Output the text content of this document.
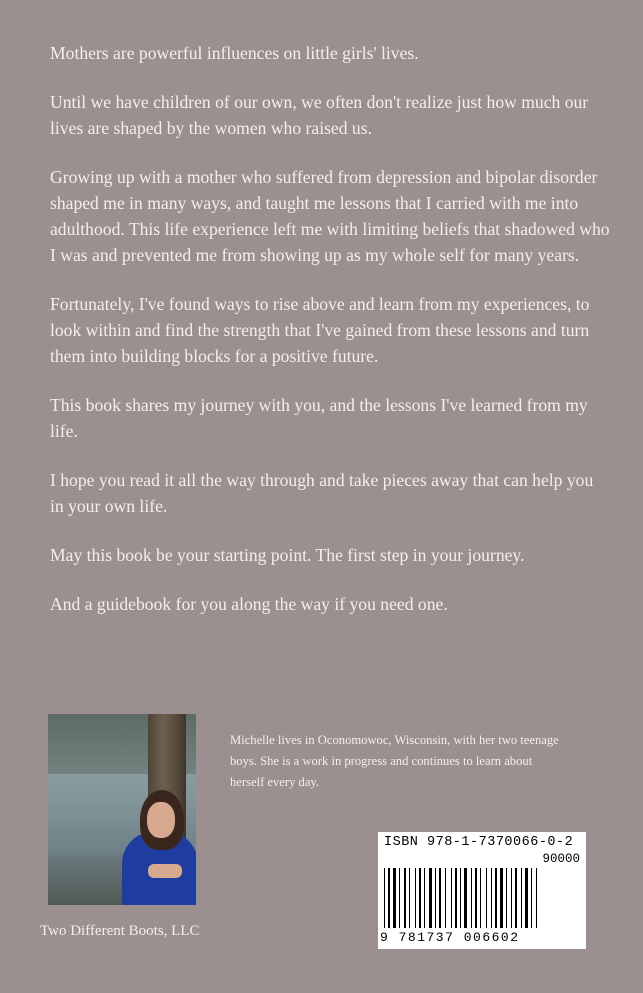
Mothers are powerful influences on little girls' lives.

Until we have children of our own, we often don't realize just how much our lives are shaped by the women who raised us.

Growing up with a mother who suffered from depression and bipolar disorder shaped me in many ways, and taught me lessons that I carried with me into adulthood. This life experience left me with limiting beliefs that shadowed who I was and prevented me from showing up as my whole self for many years.

Fortunately, I've found ways to rise above and learn from my experiences, to look within and find the strength that I've gained from these lessons and turn them into building blocks for a positive future.

This book shares my journey with you, and the lessons I've learned from my life.

I hope you read it all the way through and take pieces away that can help you in your own life.

May this book be your starting point. The first step in your journey.

And a guidebook for you along the way if you need one.

Michelle lives in Oconomowoc, Wisconsin, with her two teenage boys. She is a work in progress and continues to learn about herself every day.
Two Different Boots, LLC
ISBN 978-1-7370066-0-2
90000
9 781737 006602
